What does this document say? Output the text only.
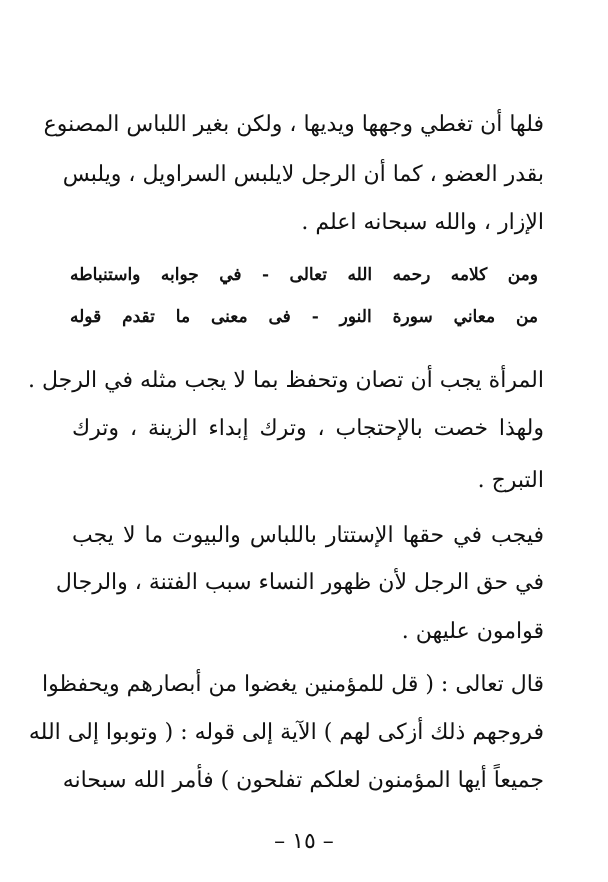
فلها أن تغطي وجهها ويديها ، ولكن بغير اللباس المصنوع
بقدر العضو ، كما أن الرجل لايلبس السراويل ، ويلبس
الإزار ، والله سبحانه اعلم .
ومن كلامه رحمه الله تعالى - في جوابه واستنباطه
من معاني سورة النور - فى معنى ما تقدم قوله
المرأة يجب أن تصان وتحفظ بما لا يجب مثله في الرجل .
ولهذا خصت بالإحتجاب ، وترك إبداء الزينة ، وترك
التبرج .
فيجب في حقها الإستتار باللباس والبيوت ما لا يجب
في حق الرجل لأن ظهور النساء سبب الفتنة ، والرجال
قوامون عليهن .
قال تعالى : ( قل للمؤمنين يغضوا من أبصارهم ويحفظوا
فروجهم ذلك أزكى لهم ) الآية إلى قوله : ( وتوبوا إلى الله
جميعاً أيها المؤمنون لعلكم تفلحون ) فأمر الله سبحانه
– ١٥ –
